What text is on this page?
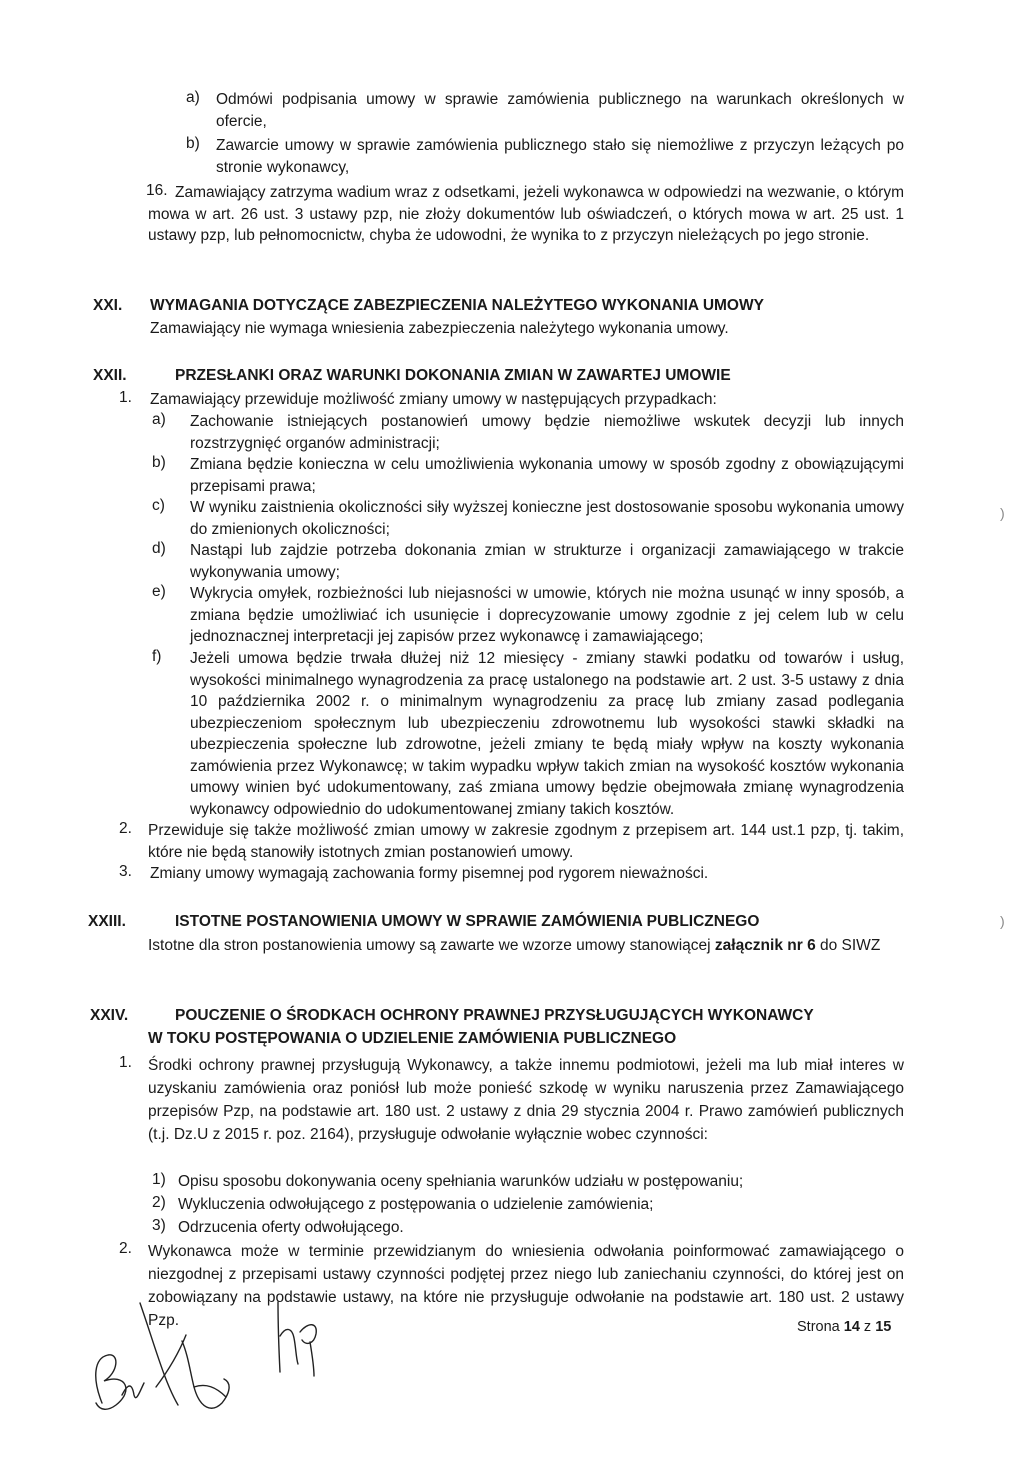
a) Odmówi podpisania umowy w sprawie zamówienia publicznego na warunkach określonych w ofercie,
b) Zawarcie umowy w sprawie zamówienia publicznego stało się niemożliwe z przyczyn leżących po stronie wykonawcy,
16. Zamawiający zatrzyma wadium wraz z odsetkami, jeżeli wykonawca w odpowiedzi na wezwanie, o którym mowa w art. 26 ust. 3 ustawy pzp, nie złoży dokumentów lub oświadczeń, o których mowa w art. 25 ust. 1 ustawy pzp, lub pełnomocnictw, chyba że udowodni, że wynika to z przyczyn nieleżących po jego stronie.
XXI. WYMAGANIA DOTYCZĄCE ZABEZPIECZENIA NALEŻYTEGO WYKONANIA UMOWY
Zamawiający nie wymaga wniesienia zabezpieczenia należytego wykonania umowy.
XXII.	PRZESŁANKI ORAZ WARUNKI DOKONANIA ZMIAN W ZAWARTEJ UMOWIE
1. Zamawiający przewiduje możliwość zmiany umowy w następujących przypadkach:
a) Zachowanie istniejących postanowień umowy będzie niemożliwe wskutek decyzji lub innych rozstrzygnięć organów administracji;
b) Zmiana będzie konieczna w celu umożliwienia wykonania umowy w sposób zgodny z obowiązującymi przepisami prawa;
c) W wyniku zaistnienia okoliczności siły wyższej konieczne jest dostosowanie sposobu wykonania umowy do zmienionych okoliczności;
d) Nastąpi lub zajdzie potrzeba dokonania zmian w strukturze i organizacji zamawiającego w trakcie wykonywania umowy;
e) Wykrycia omyłek, rozbieżności lub niejasności w umowie, których nie można usunąć w inny sposób, a zmiana będzie umożliwiać ich usunięcie i doprecyzowanie umowy zgodnie z jej celem lub w celu jednoznacznej interpretacji jej zapisów przez wykonawcę i zamawiającego;
f) Jeżeli umowa będzie trwała dłużej niż 12 miesięcy - zmiany stawki podatku od towarów i usług, wysokości minimalnego wynagrodzenia za pracę ustalonego na podstawie art. 2 ust. 3-5 ustawy z dnia 10 października 2002 r. o minimalnym wynagrodzeniu za pracę lub zmiany zasad podlegania ubezpieczeniom społecznym lub ubezpieczeniu zdrowotnemu lub wysokości stawki składki na ubezpieczenia społeczne lub zdrowotne, jeżeli zmiany te będą miały wpływ na koszty wykonania zamówienia przez Wykonawcę; w takim wypadku wpływ takich zmian na wysokość kosztów wykonania umowy winien być udokumentowany, zaś zmiana umowy będzie obejmowała zmianę wynagrodzenia wykonawcy odpowiednio do udokumentowanej zmiany takich kosztów.
2. Przewiduje się także możliwość zmian umowy w zakresie zgodnym z przepisem art. 144 ust.1 pzp, tj. takim, które nie będą stanowiły istotnych zmian postanowień umowy.
3. Zmiany umowy wymagają zachowania formy pisemnej pod rygorem nieważności.
XXIII.	ISTOTNE POSTANOWIENIA UMOWY W SPRAWIE ZAMÓWIENIA PUBLICZNEGO
Istotne dla stron postanowienia umowy są zawarte we wzorze umowy stanowiącej załącznik nr 6 do SIWZ
XXIV.	POUCZENIE O ŚRODKACH OCHRONY PRAWNEJ PRZYSŁUGUJĄCYCH WYKONAWCY
W TOKU POSTĘPOWANIA O UDZIELENIE ZAMÓWIENIA PUBLICZNEGO
1. Środki ochrony prawnej przysługują Wykonawcy, a także innemu podmiotowi, jeżeli ma lub miał interes w uzyskaniu zamówienia oraz poniósł lub może ponieść szkodę w wyniku naruszenia przez Zamawiającego przepisów Pzp, na podstawie art. 180 ust. 2 ustawy z dnia 29 stycznia 2004 r. Prawo zamówień publicznych (t.j. Dz.U z 2015 r. poz. 2164), przysługuje odwołanie wyłącznie wobec czynności:
1) Opisu sposobu dokonywania oceny spełniania warunków udziału w postępowaniu;
2) Wykluczenia odwołującego z postępowania o udzielenie zamówienia;
3) Odrzucenia oferty odwołującego.
2. Wykonawca może w terminie przewidzianym do wniesienia odwołania poinformować zamawiającego o niezgodnej z przepisami ustawy czynności podjętej przez niego lub zaniechaniu czynności, do której jest on zobowiązany na podstawie ustawy, na które nie przysługuje odwołanie na podstawie art. 180 ust. 2 ustawy Pzp.
)
)
Strona 14 z 15
